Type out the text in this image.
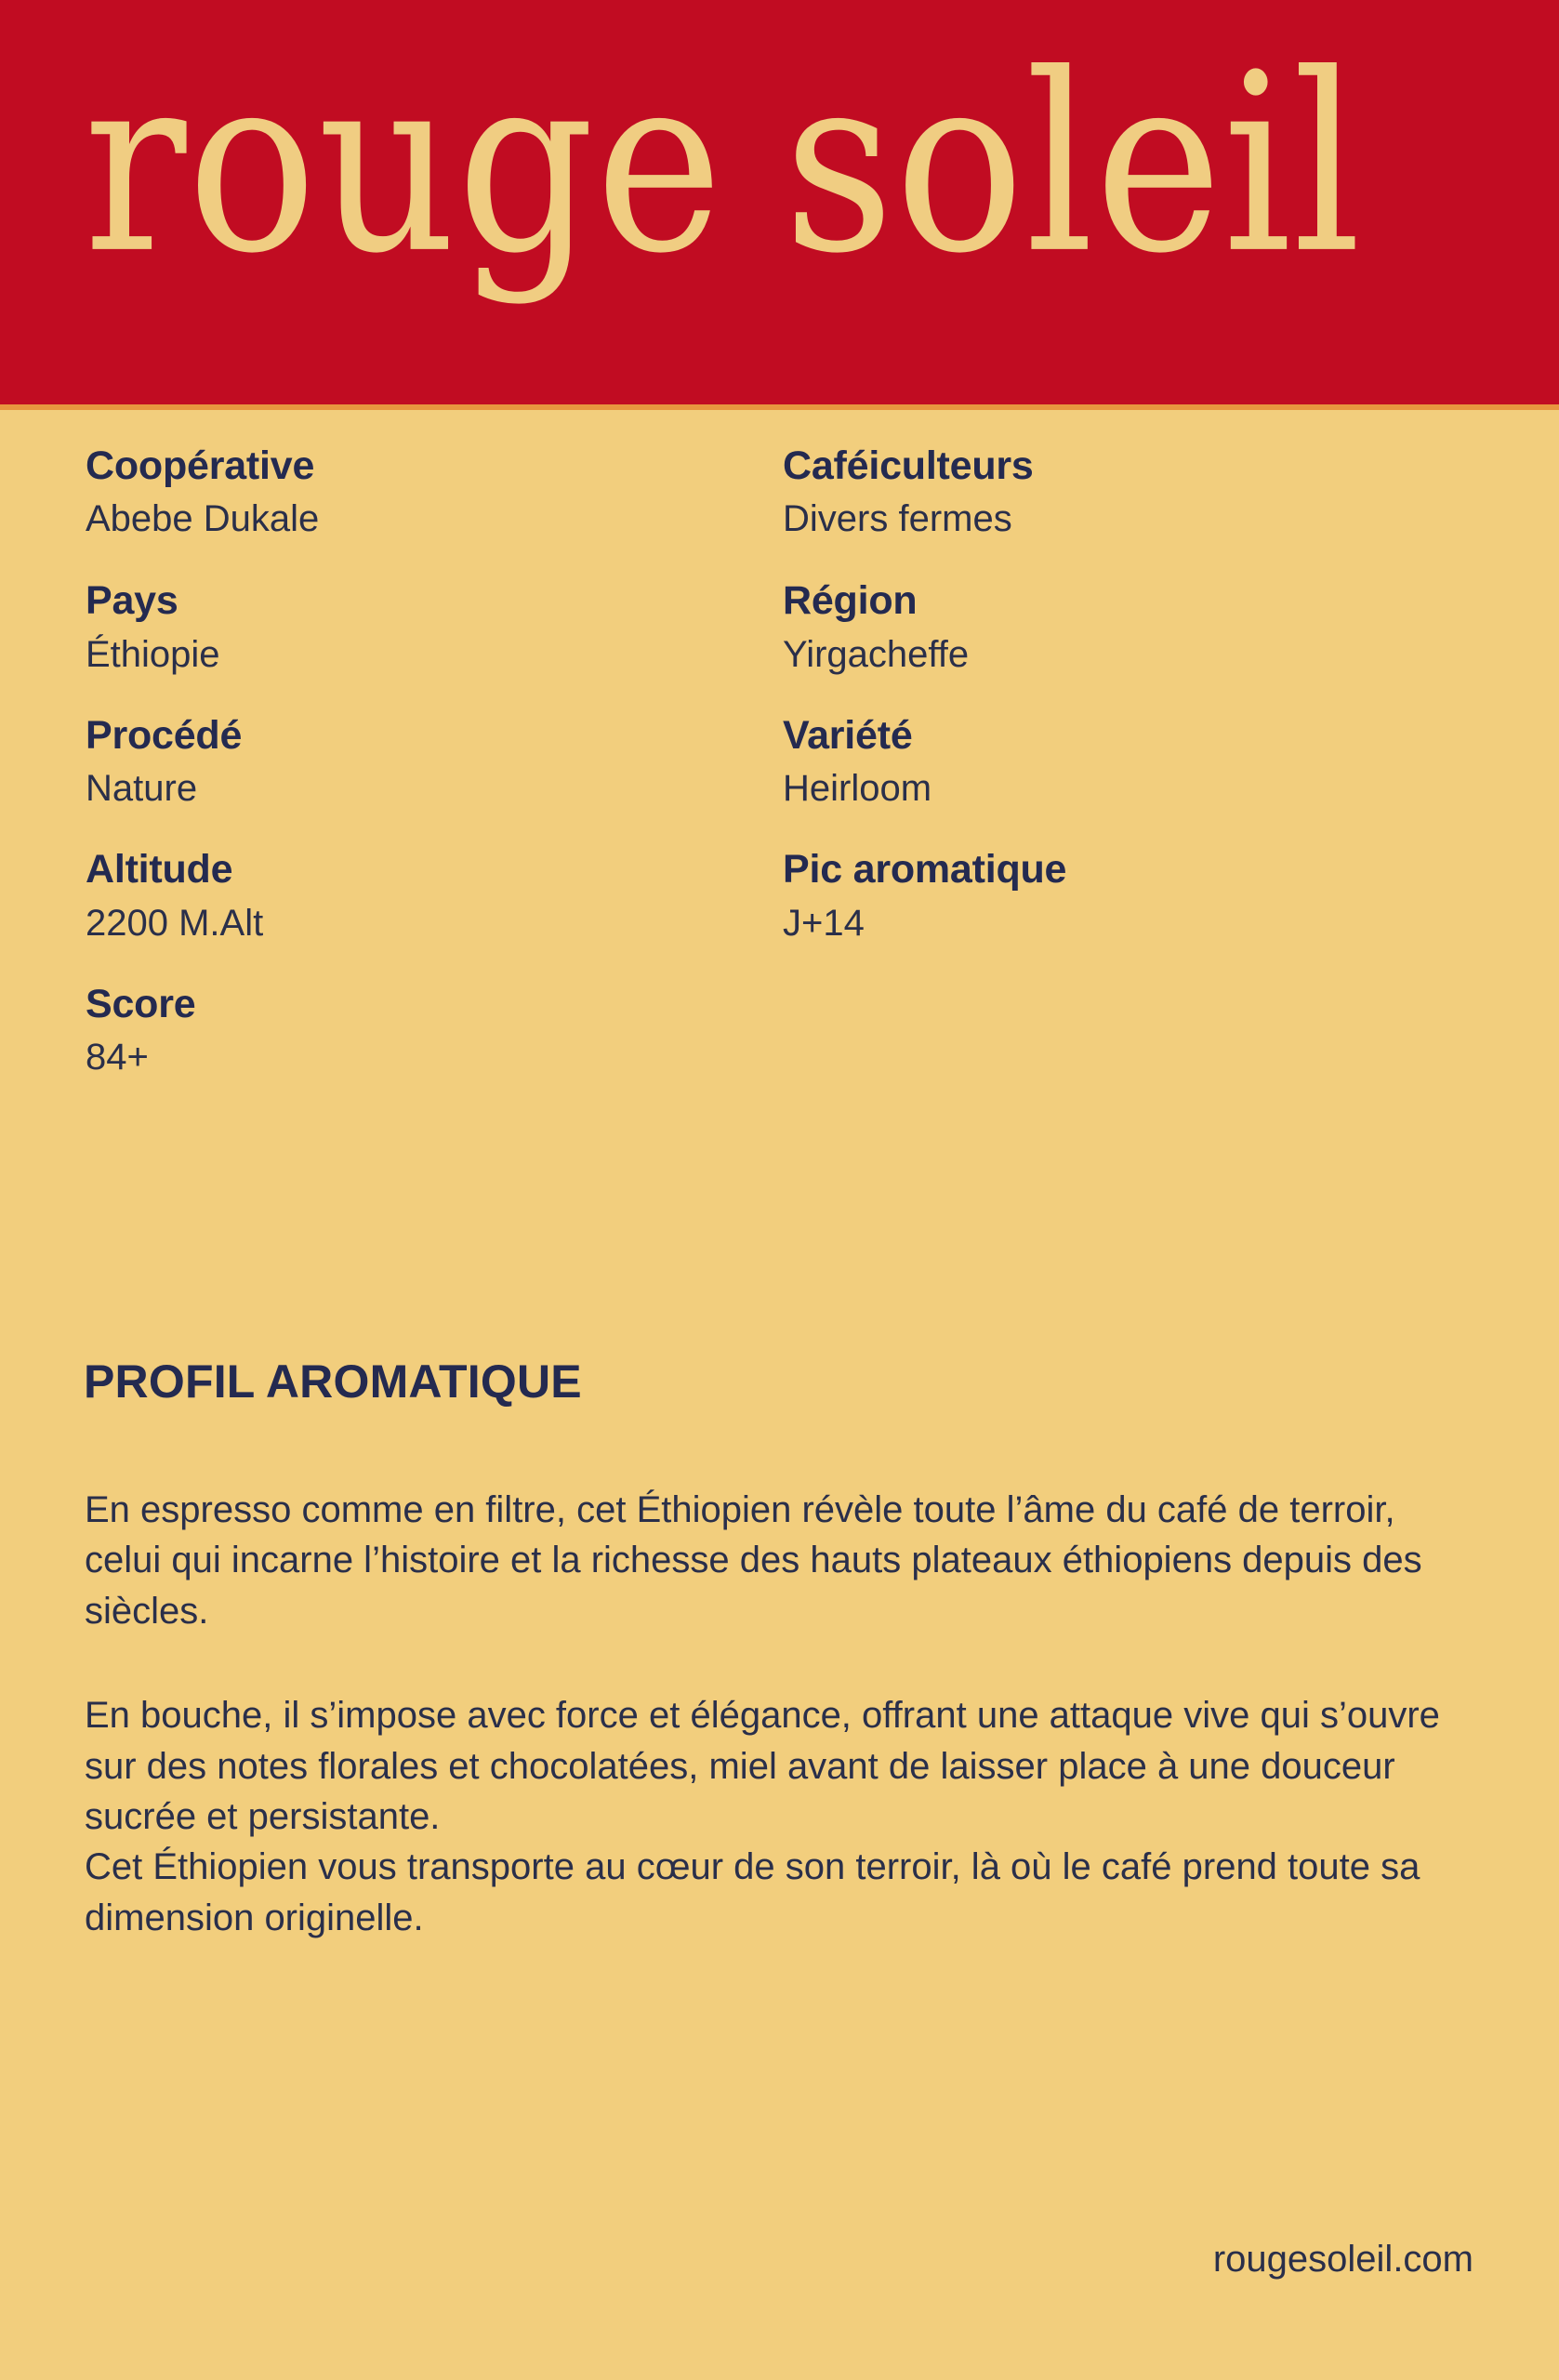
rouge soleil

Coopérative

Abebe Dukale

Caféiculteurs

Divers fermes

Pays

Éthiopie

Région

Yirgacheffe

Procédé

Nature

Variété

Heirloom

Altitude

2200 M.Alt

Pic aromatique

J+14

Score

84+

PROFIL AROMATIQUE

En espresso comme en filtre, cet Éthiopien révèle toute l’âme du café de terroir, celui qui incarne l’histoire et la richesse des hauts plateaux éthiopiens depuis des siècles.

En bouche, il s’impose avec force et élégance, offrant une attaque vive qui s’ouvre sur des notes florales et chocolatées, miel avant de laisser place à une douceur sucrée et persistante.

Cet Éthiopien vous transporte au cœur de son terroir, là où le café prend toute sa dimension originelle.

rougesoleil.com
